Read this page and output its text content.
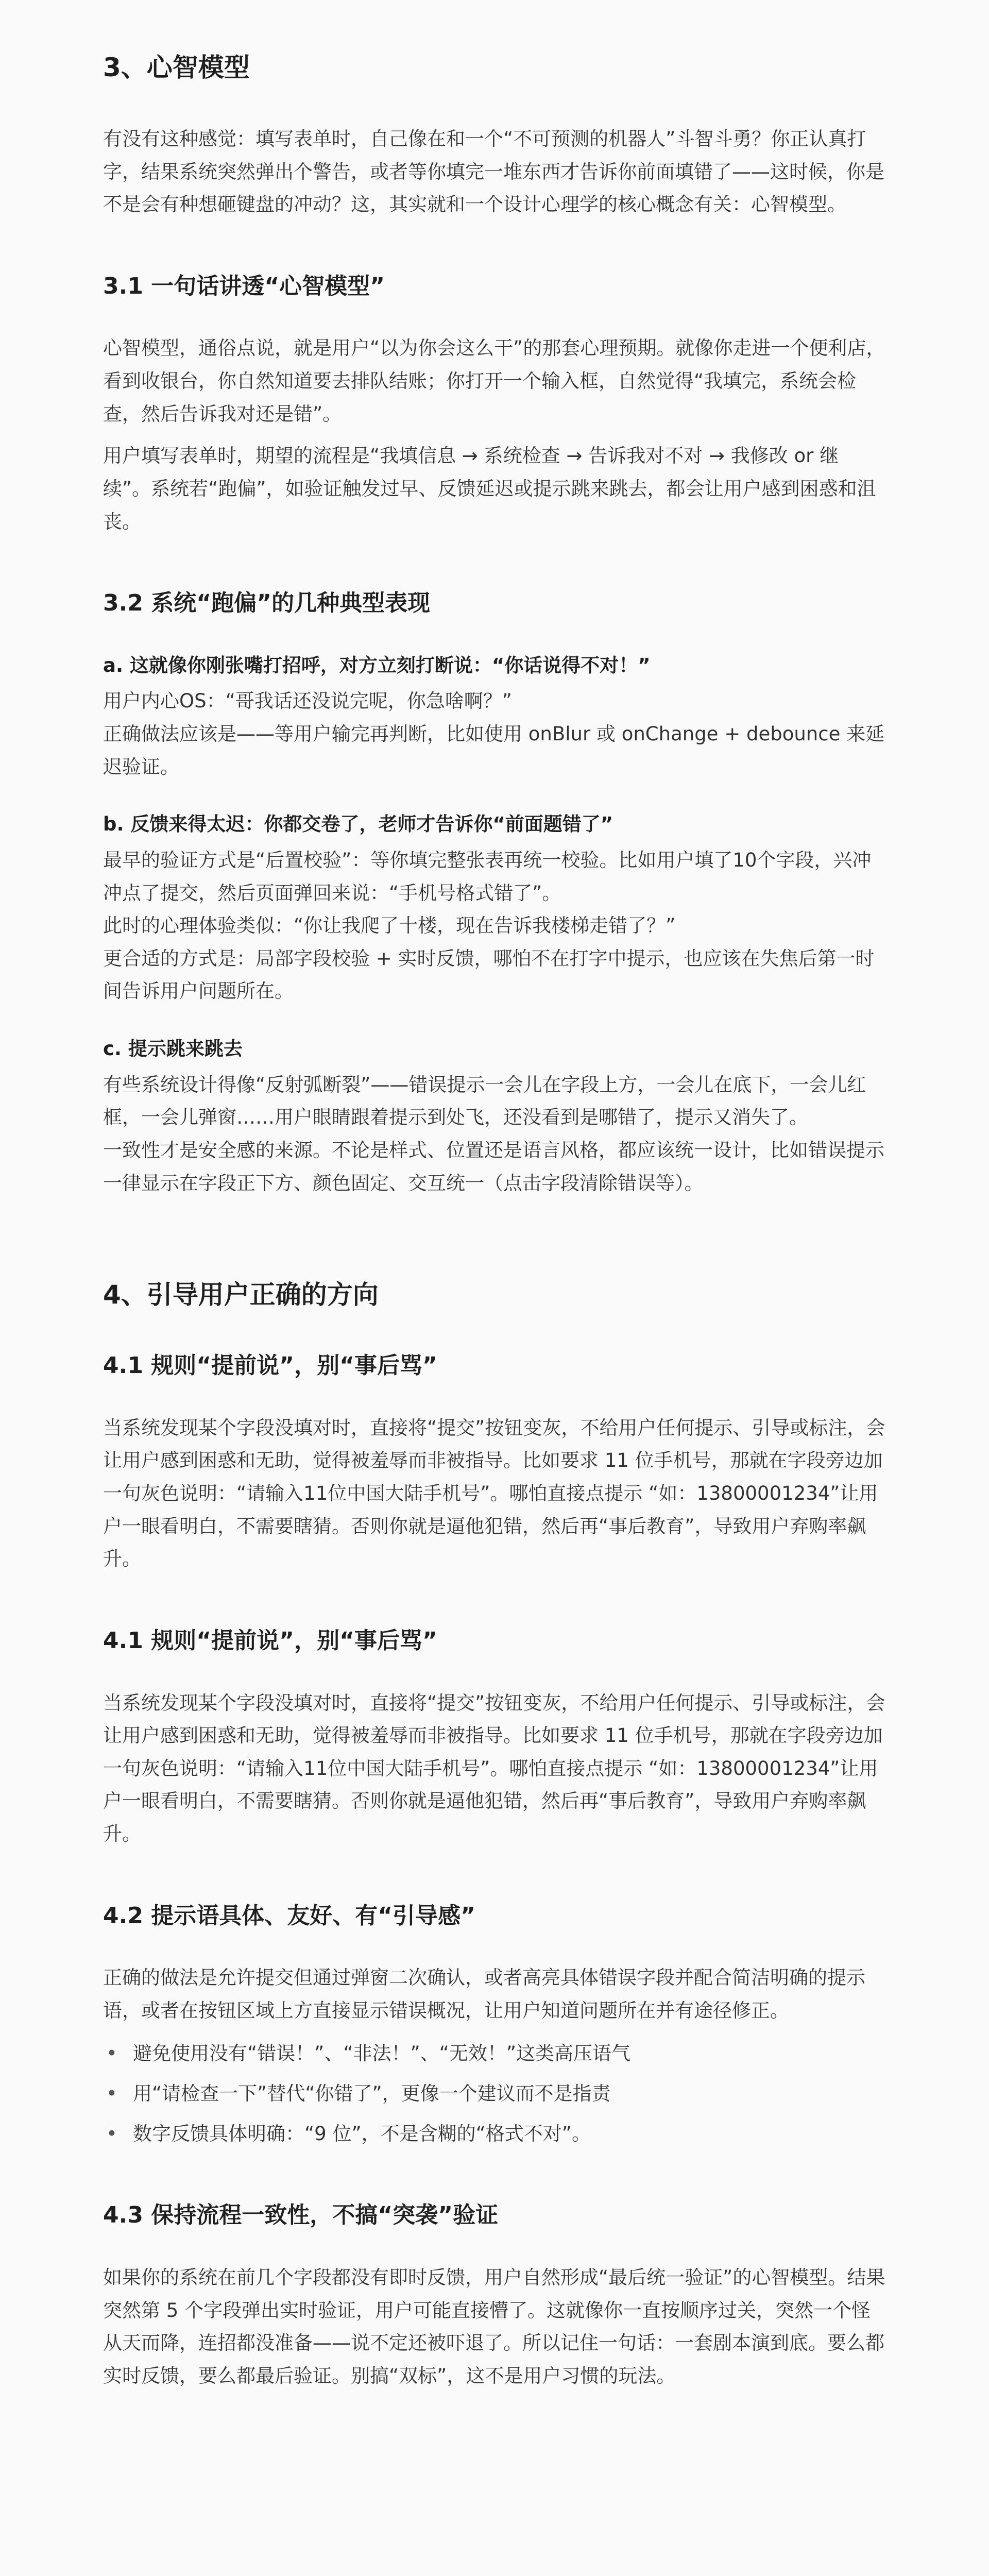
3、心智模型

有没有这种感觉：填写表单时，自己像在和一个“不可预测的机器人”斗智斗勇？你正认真打字，结果系统突然弹出个警告，或者等你填完一堆东西才告诉你前面填错了——这时候，你是不是会有种想砸键盘的冲动？这，其实就和一个设计心理学的核心概念有关：心智模型。

3.1 一句话讲透“心智模型”

心智模型，通俗点说，就是用户“以为你会这么干”的那套心理预期。就像你走进一个便利店，看到收银台，你自然知道要去排队结账；你打开一个输入框，自然觉得“我填完，系统会检查，然后告诉我对还是错”。

用户填写表单时，期望的流程是“我填信息 → 系统检查 → 告诉我对不对 → 我修改 or 继续”。系统若“跑偏”，如验证触发过早、反馈延迟或提示跳来跳去，都会让用户感到困惑和沮丧。

3.2 系统“跑偏”的几种典型表现
a. 这就像你刚张嘴打招呼，对方立刻打断说：“你话说得不对！”

用户内心OS：“哥我话还没说完呢，你急啥啊？”

正确做法应该是——等用户输完再判断，比如使用 onBlur 或 onChange + debounce 来延迟验证。

b. 反馈来得太迟：你都交卷了，老师才告诉你“前面题错了”

最早的验证方式是“后置校验”：等你填完整张表再统一校验。比如用户填了10个字段，兴冲冲点了提交，然后页面弹回来说：“手机号格式错了”。

此时的心理体验类似：“你让我爬了十楼，现在告诉我楼梯走错了？”

更合适的方式是：局部字段校验 + 实时反馈，哪怕不在打字中提示，也应该在失焦后第一时间告诉用户问题所在。

c. 提示跳来跳去

有些系统设计得像“反射弧断裂”——错误提示一会儿在字段上方，一会儿在底下，一会儿红框，一会儿弹窗……用户眼睛跟着提示到处飞，还没看到是哪错了，提示又消失了。

一致性才是安全感的来源。不论是样式、位置还是语言风格，都应该统一设计，比如错误提示一律显示在字段正下方、颜色固定、交互统一（点击字段清除错误等）。

4、引导用户正确的方向
4.1 规则“提前说”，别“事后骂”

当系统发现某个字段没填对时，直接将“提交”按钮变灰，不给用户任何提示、引导或标注，会让用户感到困惑和无助，觉得被羞辱而非被指导。比如要求 11 位手机号，那就在字段旁边加一句灰色说明：“请输入11位中国大陆手机号”。哪怕直接点提示 “如：13800001234”让用户一眼看明白，不需要瞎猜。否则你就是逼他犯错，然后再“事后教育”，导致用户弃购率飙升。

4.1 规则“提前说”，别“事后骂”

当系统发现某个字段没填对时，直接将“提交”按钮变灰，不给用户任何提示、引导或标注，会让用户感到困惑和无助，觉得被羞辱而非被指导。比如要求 11 位手机号，那就在字段旁边加一句灰色说明：“请输入11位中国大陆手机号”。哪怕直接点提示 “如：13800001234”让用户一眼看明白，不需要瞎猜。否则你就是逼他犯错，然后再“事后教育”，导致用户弃购率飙升。

4.2 提示语具体、友好、有“引导感”

正确的做法是允许提交但通过弹窗二次确认，或者高亮具体错误字段并配合简洁明确的提示语，或者在按钮区域上方直接显示错误概况，让用户知道问题所在并有途径修正。

• 避免使用没有“错误！”、“非法！”、“无效！”这类高压语气
• 用“请检查一下”替代“你错了”，更像一个建议而不是指责
• 数字反馈具体明确：“9 位”，不是含糊的“格式不对”。
4.3 保持流程一致性，不搞“突袭”验证

如果你的系统在前几个字段都没有即时反馈，用户自然形成“最后统一验证”的心智模型。结果突然第 5 个字段弹出实时验证，用户可能直接懵了。这就像你一直按顺序过关，突然一个怪从天而降，连招都没准备——说不定还被吓退了。所以记住一句话：一套剧本演到底。要么都实时反馈，要么都最后验证。别搞“双标”，这不是用户习惯的玩法。
